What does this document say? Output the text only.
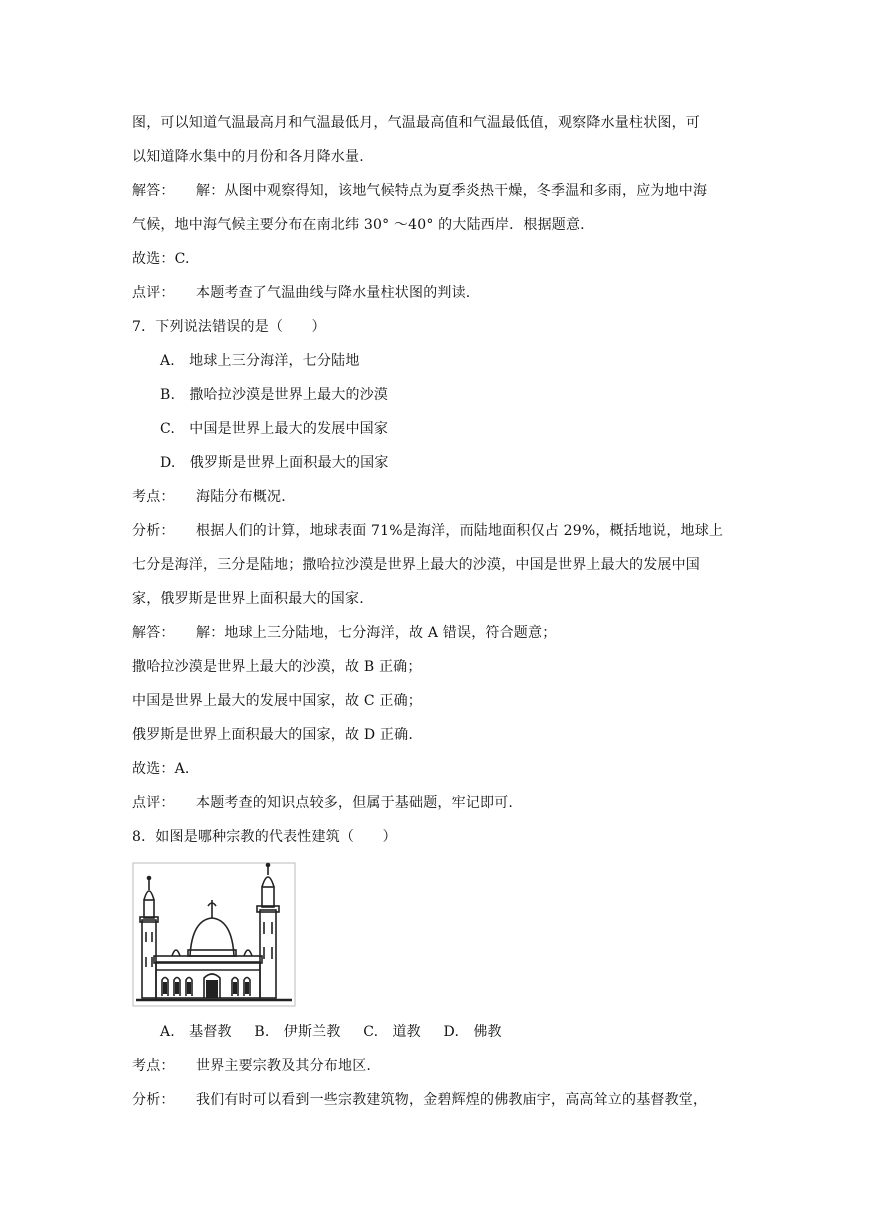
图，可以知道气温最高月和气温最低月，气温最高值和气温最低值，观察降水量柱状图，可
以知道降水集中的月份和各月降水量.
解答： 解：从图中观察得知，该地气候特点为夏季炎热干燥，冬季温和多雨，应为地中海
气候，地中海气候主要分布在南北纬 30° ～40° 的大陆西岸．根据题意.
故选：C.
点评： 本题考查了气温曲线与降水量柱状图的判读.
7．下列说法错误的是（　　）
A.　地球上三分海洋，七分陆地
B.　撒哈拉沙漠是世界上最大的沙漠
C.　中国是世界上最大的发展中国家
D.　俄罗斯是世界上面积最大的国家
考点： 海陆分布概况.
分析： 根据人们的计算，地球表面 71%是海洋，而陆地面积仅占 29%，概括地说，地球上
七分是海洋，三分是陆地；撒哈拉沙漠是世界上最大的沙漠，中国是世界上最大的发展中国
家，俄罗斯是世界上面积最大的国家.
解答： 解：地球上三分陆地，七分海洋，故 A 错误，符合题意；
撒哈拉沙漠是世界上最大的沙漠，故 B 正确；
中国是世界上最大的发展中国家，故 C 正确；
俄罗斯是世界上面积最大的国家，故 D 正确.
故选：A.
点评： 本题考查的知识点较多，但属于基础题，牢记即可.
8．如图是哪种宗教的代表性建筑（　　）
A.　基督教 B.　伊斯兰教 C.　道教 D.　佛教
考点： 世界主要宗教及其分布地区.
分析： 我们有时可以看到一些宗教建筑物，金碧辉煌的佛教庙宇，高高耸立的基督教堂，
